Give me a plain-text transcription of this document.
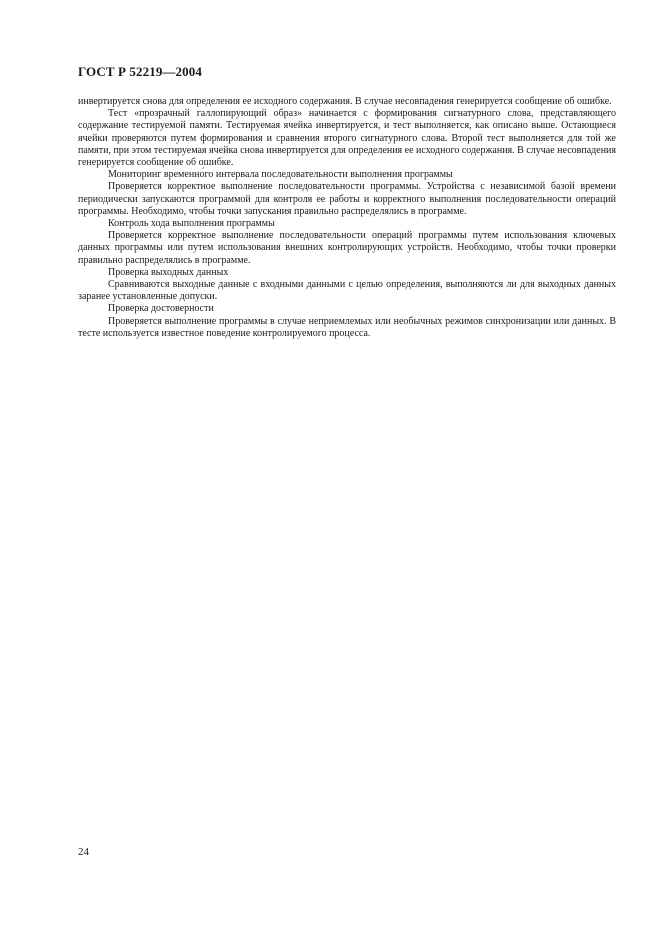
ГОСТ Р 52219—2004

инвертируется снова для определения ее исходного содержания. В случае несовпадения генерируется сообщение об ошибке.

Тест «прозрачный галлопирующий образ» начинается с формирования сигнатурного слова, представляющего содержание тестируемой памяти. Тестируемая ячейка инвертируется, и тест выполняется, как описано выше. Остающиеся ячейки проверяются путем формирования и сравнения второго сигнатурного слова. Второй тест выполняется для той же памяти, при этом тестируемая ячейка снова инвертируется для определения ее исходного содержания. В случае несовпадения генерируется сообщение об ошибке.

Мониторинг временно́го интервала последовательности выполнения программы

Проверяется корректное выполнение последовательности программы. Устройства с независимой базой времени периодически запускаются программой для контроля ее работы и корректного выполнения последовательности операций программы. Необходимо, чтобы точки запускания правильно распределялись в программе.

Контроль хода выполнения программы

Проверяется корректное выполнение последовательности операций программы путем использования ключевых данных программы или путем использования внешних контролирующих устройств. Необходимо, чтобы точки проверки правильно распределялись в программе.

Проверка выходных данных

Сравниваются выходные данные с входными данными с целью определения, выполняются ли для выходных данных заранее установленные допуски.

Проверка достоверности

Проверяется выполнение программы в случае неприемлемых или необычных режимов синхронизации или данных. В тесте используется известное поведение контролируемого процесса.

24
